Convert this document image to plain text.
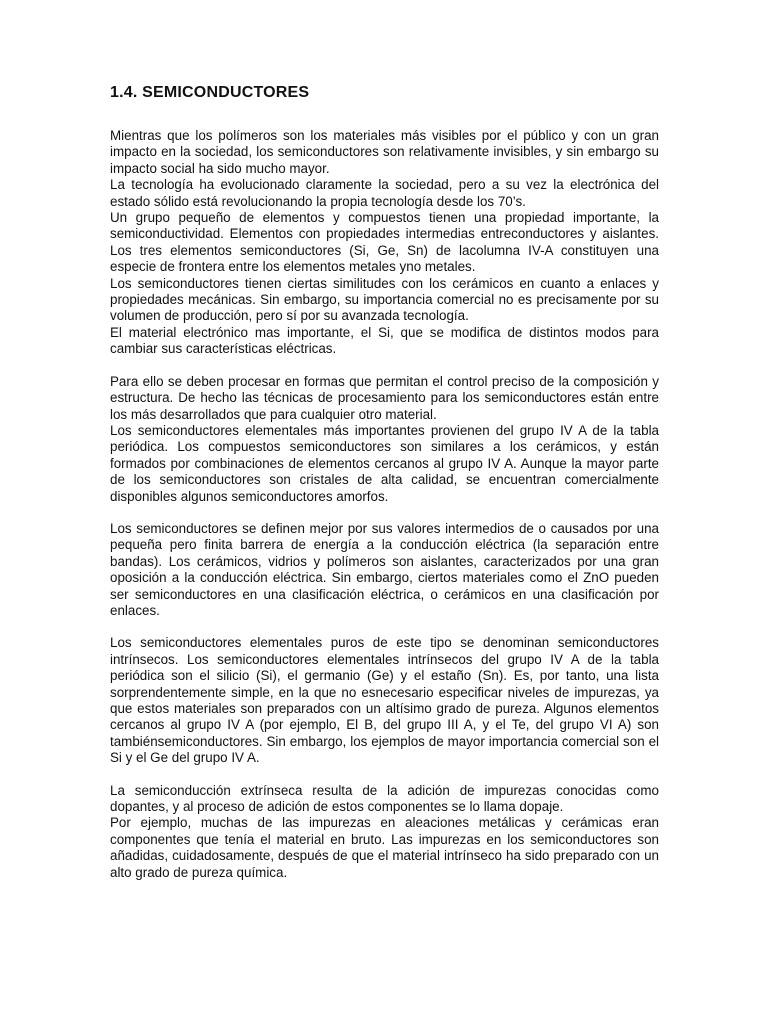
1.4. SEMICONDUCTORES

Mientras que los polímeros son los materiales más visibles por el público y con un gran impacto en la sociedad, los semiconductores son relativamente invisibles, y sin embargo su impacto social ha sido mucho mayor.

La tecnología ha evolucionado claramente la sociedad, pero a su vez la electrónica del estado sólido está revolucionando la propia tecnología desde los 70’s.

Un grupo pequeño de elementos y compuestos tienen una propiedad importante, la semiconductividad. Elementos con propiedades intermedias entreconductores y aislantes. Los tres elementos semiconductores (Si, Ge, Sn) de lacolumna IV-A constituyen una especie de frontera entre los elementos metales yno metales.

Los semiconductores tienen ciertas similitudes con los cerámicos en cuanto a enlaces y propiedades mecánicas. Sin embargo, su importancia comercial no es precisamente por su volumen de producción, pero sí por su avanzada tecnología.

El material electrónico mas importante, el Si, que se modifica de distintos modos para cambiar sus características eléctricas.

Para ello se deben procesar en formas que permitan el control preciso de la composición y estructura. De hecho las técnicas de procesamiento para los semiconductores están entre los más desarrollados que para cualquier otro material.

Los semiconductores elementales más importantes provienen del grupo IV A de la tabla periódica. Los compuestos semiconductores son similares a los cerámicos, y están formados por combinaciones de elementos cercanos al grupo IV A. Aunque la mayor parte de los semiconductores son cristales de alta calidad, se encuentran comercialmente disponibles algunos semiconductores amorfos.

Los semiconductores se definen mejor por sus valores intermedios de o causados por una pequeña pero finita barrera de energía a la conducción eléctrica (la separación entre bandas). Los cerámicos, vidrios y polímeros son aislantes, caracterizados por una gran oposición a la conducción eléctrica. Sin embargo, ciertos materiales como el ZnO pueden ser semiconductores en una clasificación eléctrica, o cerámicos en una clasificación por enlaces.

Los semiconductores elementales puros de este tipo se denominan semiconductores intrínsecos. Los semiconductores elementales intrínsecos del grupo IV A de la tabla periódica son el silicio (Si), el germanio (Ge) y el estaño (Sn). Es, por tanto, una lista sorprendentemente simple, en la que no esnecesario especificar niveles de impurezas, ya que estos materiales son preparados con un altísimo grado de pureza. Algunos elementos cercanos al grupo IV A (por ejemplo, El B, del grupo III A, y el Te, del grupo VI A) son tambiénsemiconductores. Sin embargo, los ejemplos de mayor importancia comercial son el Si y el Ge del grupo IV A.

La semiconducción extrínseca resulta de la adición de impurezas conocidas como dopantes, y al proceso de adición de estos componentes se lo llama dopaje.

Por ejemplo, muchas de las impurezas en aleaciones metálicas y cerámicas eran componentes que tenía el material en bruto. Las impurezas en los semiconductores son añadidas, cuidadosamente, después de que el material intrínseco ha sido preparado con un alto grado de pureza química.
